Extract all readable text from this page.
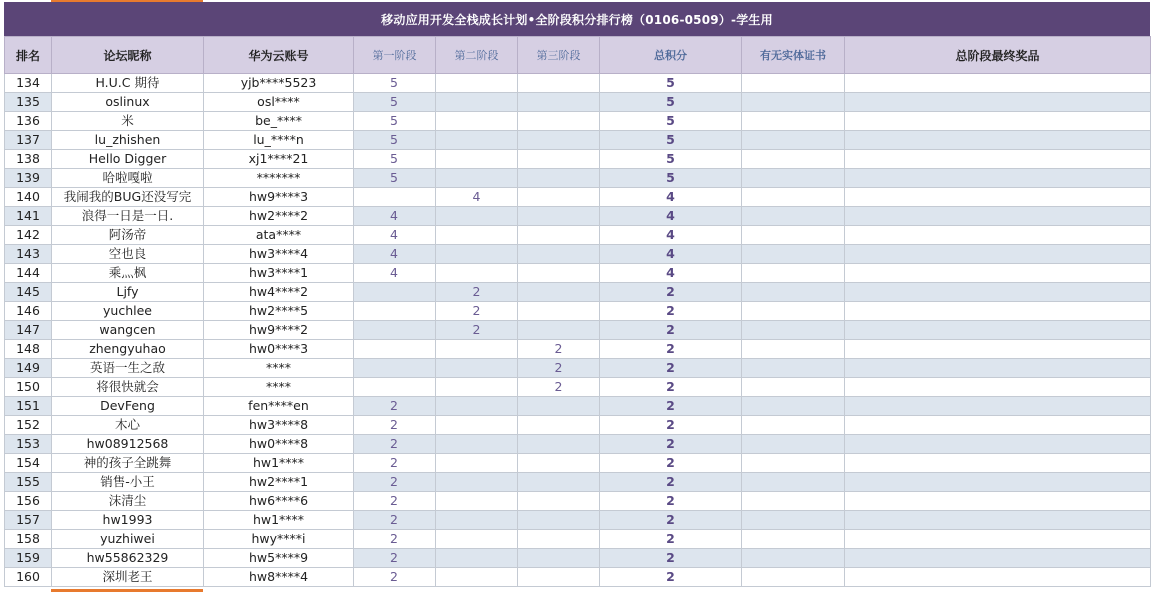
移动应用开发全栈成长计划•全阶段积分排行榜（0106-0509）-学生用
排名	论坛昵称	华为云账号	第一阶段	第二阶段	第三阶段	总积分	有无实体证书	总阶段最终奖品
134	H.U.C 期待	yjb****5523	5			5		
135	oslinux	osl****	5			5		
136	米	be_****	5			5		
137	lu_zhishen	lu_****n	5			5		
138	Hello Digger	xj1****21	5			5		
139	哈啦嘎啦	*******	5			5		
140	我闹我的BUG还没写完	hw9****3		4		4		
141	浪得一日是一日.	hw2****2	4			4		
142	阿汤帝	ata****	4			4		
143	空也良	hw3****4	4			4		
144	乘灬枫	hw3****1	4			4		
145	Ljfy	hw4****2		2		2		
146	yuchlee	hw2****5		2		2		
147	wangcen	hw9****2		2		2		
148	zhengyuhao	hw0****3			2	2		
149	英语一生之敌	****			2	2		
150	将很快就会	****			2	2		
151	DevFeng	fen****en	2			2		
152	木心	hw3****8	2			2		
153	hw08912568	hw0****8	2			2		
154	神的孩子全跳舞	hw1****	2			2		
155	销售-小王	hw2****1	2			2		
156	沫清尘	hw6****6	2			2		
157	hw1993	hw1****	2			2		
158	yuzhiwei	hwy****i	2			2		
159	hw55862329	hw5****9	2			2		
160	深圳老王	hw8****4	2			2		
